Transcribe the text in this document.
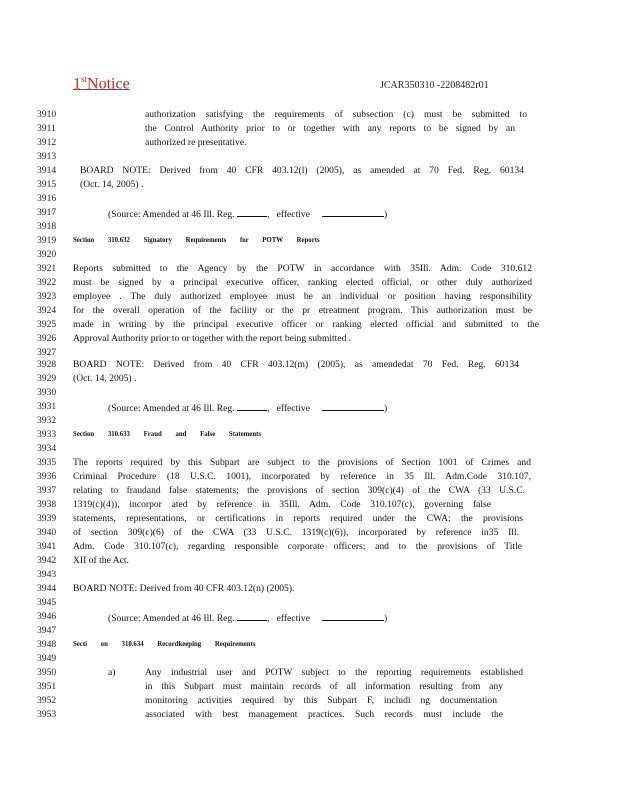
1stNotice	JCAR350310 -2208482r01
3910	authorization satisfying the requirements of subsection (c) must be submitted to
3911	the Control Authority prior to or together with any reports to be signed by an
3912	authorized re presentative.
3913
3914	BOARD NOTE: Derived from 40 CFR 403.12(l) (2005), as amended at 70 Fed. Reg. 60134
3915	(Oct. 14, 2005) .
3916
3917	(Source: Amended at 46 Ill. Reg.	, effective	)
3918
3919	Section 310.632 Signatory Requirements for POTW Reports
3920
3921	Reports submitted to the Agency by the POTW in accordance with 35Ill. Adm. Code 310.612
3922	must be signed by a principal executive officer, ranking elected official, or other duly authorized
3923	employee . The duly authorized employee must be an individual or position having responsibility
3924	for the overall operation of the facility or the pr etreatment program. This authorization must be
3925	made in writing by the principal executive officer or ranking elected official and submitted to the
3926	Approval Authority prior to or together with the report being submitted .
3927
3928	BOARD NOTE: Derived from 40 CFR 403.12(m) (2005), as amendedat 70 Fed. Reg. 60134
3929	(Oct. 14, 2005) .
3930
3931	(Source: Amended at 46 Ill. Reg.	, effective	)
3932
3933	Section 310.633 Fraud and False Statements
3934
3935	The reports required by this Subpart are subject to the provisions of Section 1001 of Crimes and
3936	Criminal Procedure (18 U.S.C. 1001), incorporated by reference in 35 Ill. Adm.Code 310.107,
3937	relating to fraudand false statements; the provisions of section 309(c)(4) of the CWA (33 U.S.C.
3938	1319(c)(4)), incorpor ated by reference in 35Ill. Adm. Code 310.107(c), governing false
3939	statements, representations, or certifications in reports required under the CWA; the provisions
3940	of section 309(c)(6) of the CWA (33 U.S.C. 1319(c)(6)), incorporated by reference in35 Ill.
3941	Adm. Code 310.107(c), regarding responsible corporate officers; and to the provisions of Title
3942	XII of the Act.
3943
3944	BOARD NOTE: Derived from 40 CFR 403.12(n) (2005).
3945
3946	(Source: Amended at 46 Ill. Reg.	, effective	)
3947
3948	Secti on 310.634 Recordkeeping Requirements
3949
3950	a)	Any industrial user and POTW subject to the reporting requirements established
3951	in this Subpart must maintain records of all information resulting from any
3952	monitoring activities required by this Subpart F, includi ng documentation
3953	associated with best management practices. Such records must include the
